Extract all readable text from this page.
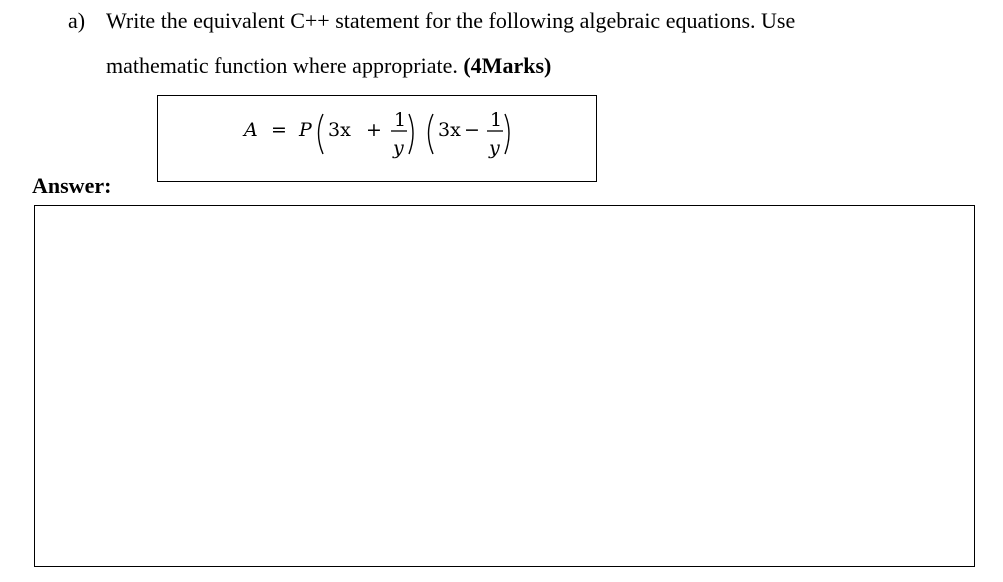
a) Write the equivalent C++ statement for the following algebraic equations. Use
mathematic function where appropriate. (4Marks)
A = P 3x + 1
y
3x − 1
y
Answer:
